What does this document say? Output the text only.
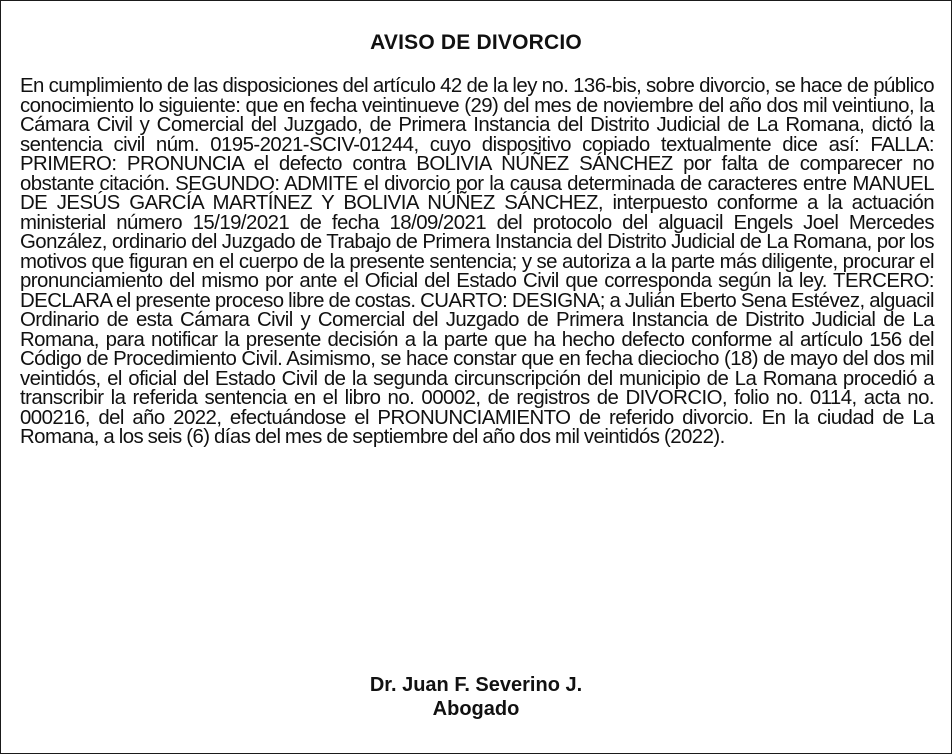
AVISO DE DIVORCIO

En cumplimiento de las disposiciones del artículo 42 de la ley no. 136-bis, sobre divorcio, se hace de público conocimiento lo siguiente: que en fecha veintinueve (29) del mes de noviembre del año dos mil veintiuno, la Cámara Civil y Comercial del Juzgado, de Primera Instancia del Distrito Judicial de La Romana, dictó la sentencia civil núm. 0195-2021-SCIV-01244, cuyo dispositivo copiado textualmente dice así: FALLA: PRIMERO: PRONUNCIA el defecto contra BOLIVIA NÚÑEZ SÁNCHEZ por falta de comparecer no obstante citación. SEGUNDO: ADMITE el divorcio por la causa determinada de caracteres entre MANUEL DE JESÚS GARCÍA MARTÍNEZ Y BOLIVIA NÚÑEZ SÁNCHEZ, interpuesto conforme a la actuación ministerial número 15/19/2021 de fecha 18/09/2021 del protocolo del alguacil Engels Joel Mercedes González, ordinario del Juzgado de Trabajo de Primera Instancia del Distrito Judicial de La Romana, por los motivos que figuran en el cuerpo de la presente sentencia; y se autoriza a la parte más diligente, procurar el pronunciamiento del mismo por ante el Oficial del Estado Civil que corresponda según la ley. TERCERO: DECLARA el presente proceso libre de costas. CUARTO: DESIGNA; a Julián Eberto Sena Estévez, alguacil Ordinario de esta Cámara Civil y Comercial del Juzgado de Primera Instancia de Distrito Judicial de La Romana, para notificar la presente decisión a la parte que ha hecho defecto conforme al artículo 156 del Código de Procedimiento Civil. Asimismo, se hace constar que en fecha dieciocho (18) de mayo del dos mil veintidós, el oficial del Estado Civil de la segunda circunscripción del municipio de La Romana procedió a transcribir la referida sentencia en el libro no. 00002, de registros de DIVORCIO, folio no. 0114, acta no. 000216, del año 2022, efectuándose el PRONUNCIAMIENTO de referido divorcio. En la ciudad de La Romana, a los seis (6) días del mes de septiembre del año dos mil veintidós (2022).

Dr. Juan F. Severino J.
Abogado
